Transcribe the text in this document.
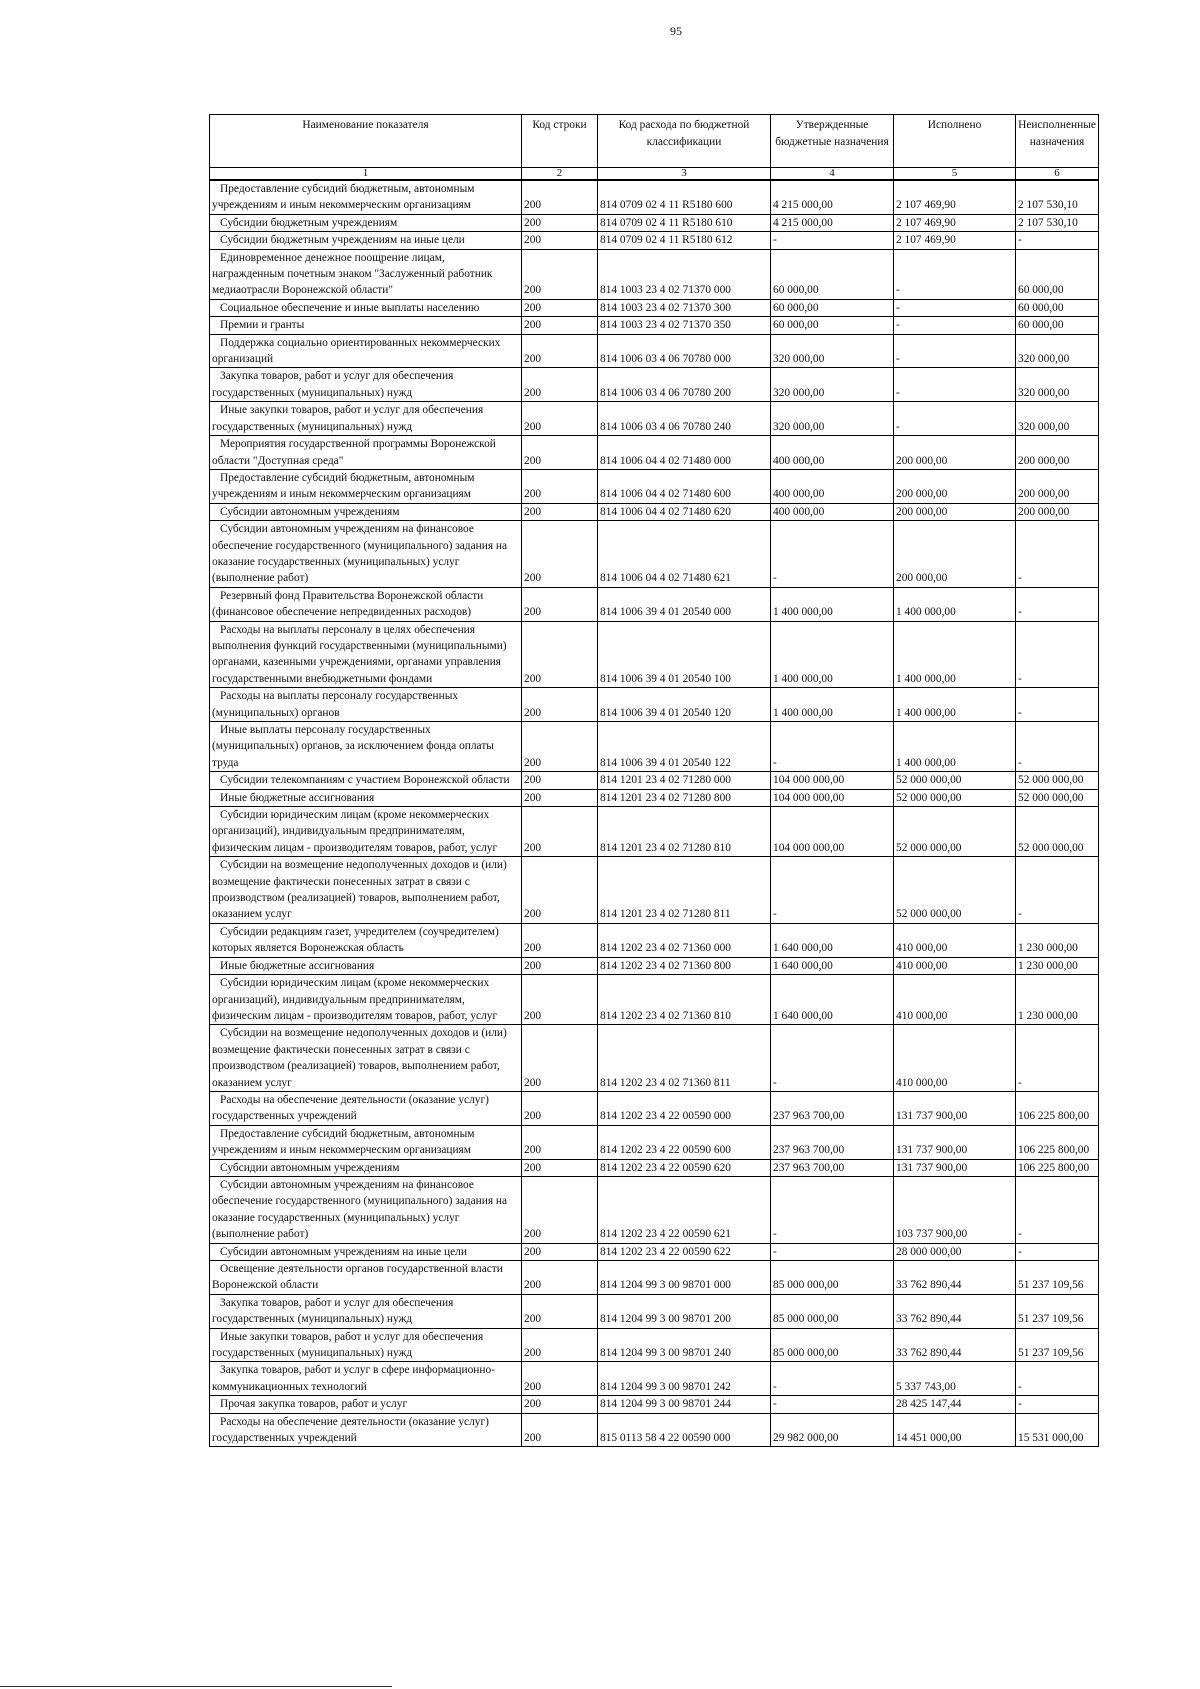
95
Наименование показателя	Код строки	Код расхода по бюджетной классификации	Утвержденные бюджетные назначения	Исполнено	Неисполненные назначения
1	2	3	4	5	6
Предоставление субсидий бюджетным, автономным учреждениям и иным некоммерческим организациям	200	814 0709 02 4 11 R5180 600	4 215 000,00	2 107 469,90	2 107 530,10
Субсидии бюджетным учреждениям	200	814 0709 02 4 11 R5180 610	4 215 000,00	2 107 469,90	2 107 530,10
Субсидии бюджетным учреждениям на иные цели	200	814 0709 02 4 11 R5180 612	-	2 107 469,90	-
Единовременное денежное поощрение лицам, награжденным почетным знаком "Заслуженный работник медиаотрасли Воронежской области"	200	814 1003 23 4 02 71370 000	60 000,00	-	60 000,00
Социальное обеспечение и иные выплаты населению	200	814 1003 23 4 02 71370 300	60 000,00	-	60 000,00
Премии и гранты	200	814 1003 23 4 02 71370 350	60 000,00	-	60 000,00
Поддержка социально ориентированных некоммерческих организаций	200	814 1006 03 4 06 70780 000	320 000,00	-	320 000,00
Закупка товаров, работ и услуг для обеспечения государственных (муниципальных) нужд	200	814 1006 03 4 06 70780 200	320 000,00	-	320 000,00
Иные закупки товаров, работ и услуг для обеспечения государственных (муниципальных) нужд	200	814 1006 03 4 06 70780 240	320 000,00	-	320 000,00
Мероприятия государственной программы Воронежской области "Доступная среда"	200	814 1006 04 4 02 71480 000	400 000,00	200 000,00	200 000,00
Предоставление субсидий бюджетным, автономным учреждениям и иным некоммерческим организациям	200	814 1006 04 4 02 71480 600	400 000,00	200 000,00	200 000,00
Субсидии автономным учреждениям	200	814 1006 04 4 02 71480 620	400 000,00	200 000,00	200 000,00
Субсидии автономным учреждениям на финансовое обеспечение государственного (муниципального) задания на оказание государственных (муниципальных) услуг (выполнение работ)	200	814 1006 04 4 02 71480 621	-	200 000,00	-
Резервный фонд Правительства Воронежской области (финансовое обеспечение непредвиденных расходов)	200	814 1006 39 4 01 20540 000	1 400 000,00	1 400 000,00	-
Расходы на выплаты персоналу в целях обеспечения выполнения функций государственными (муниципальными) органами, казенными учреждениями, органами управления государственными внебюджетными фондами	200	814 1006 39 4 01 20540 100	1 400 000,00	1 400 000,00	-
Расходы на выплаты персоналу государственных (муниципальных) органов	200	814 1006 39 4 01 20540 120	1 400 000,00	1 400 000,00	-
Иные выплаты персоналу государственных (муниципальных) органов, за исключением фонда оплаты труда	200	814 1006 39 4 01 20540 122	-	1 400 000,00	-
Субсидии телекомпаниям с участием Воронежской области	200	814 1201 23 4 02 71280 000	104 000 000,00	52 000 000,00	52 000 000,00
Иные бюджетные ассигнования	200	814 1201 23 4 02 71280 800	104 000 000,00	52 000 000,00	52 000 000,00
Субсидии юридическим лицам (кроме некоммерческих организаций), индивидуальным предпринимателям, физическим лицам - производителям товаров, работ, услуг	200	814 1201 23 4 02 71280 810	104 000 000,00	52 000 000,00	52 000 000,00
Субсидии на возмещение недополученных доходов и (или) возмещение фактически понесенных затрат в связи с производством (реализацией) товаров, выполнением работ, оказанием услуг	200	814 1201 23 4 02 71280 811	-	52 000 000,00	-
Субсидии редакциям газет, учредителем (соучредителем) которых является Воронежская область	200	814 1202 23 4 02 71360 000	1 640 000,00	410 000,00	1 230 000,00
Иные бюджетные ассигнования	200	814 1202 23 4 02 71360 800	1 640 000,00	410 000,00	1 230 000,00
Субсидии юридическим лицам (кроме некоммерческих организаций), индивидуальным предпринимателям, физическим лицам - производителям товаров, работ, услуг	200	814 1202 23 4 02 71360 810	1 640 000,00	410 000,00	1 230 000,00
Субсидии на возмещение недополученных доходов и (или) возмещение фактически понесенных затрат в связи с производством (реализацией) товаров, выполнением работ, оказанием услуг	200	814 1202 23 4 02 71360 811	-	410 000,00	-
Расходы на обеспечение деятельности (оказание услуг) государственных учреждений	200	814 1202 23 4 22 00590 000	237 963 700,00	131 737 900,00	106 225 800,00
Предоставление субсидий бюджетным, автономным учреждениям и иным некоммерческим организациям	200	814 1202 23 4 22 00590 600	237 963 700,00	131 737 900,00	106 225 800,00
Субсидии автономным учреждениям	200	814 1202 23 4 22 00590 620	237 963 700,00	131 737 900,00	106 225 800,00
Субсидии автономным учреждениям на финансовое обеспечение государственного (муниципального) задания на оказание государственных (муниципальных) услуг (выполнение работ)	200	814 1202 23 4 22 00590 621	-	103 737 900,00	-
Субсидии автономным учреждениям на иные цели	200	814 1202 23 4 22 00590 622	-	28 000 000,00	-
Освещение деятельности органов государственной власти Воронежской области	200	814 1204 99 3 00 98701 000	85 000 000,00	33 762 890,44	51 237 109,56
Закупка товаров, работ и услуг для обеспечения государственных (муниципальных) нужд	200	814 1204 99 3 00 98701 200	85 000 000,00	33 762 890,44	51 237 109,56
Иные закупки товаров, работ и услуг для обеспечения государственных (муниципальных) нужд	200	814 1204 99 3 00 98701 240	85 000 000,00	33 762 890,44	51 237 109,56
Закупка товаров, работ и услуг в сфере информационно-коммуникационных технологий	200	814 1204 99 3 00 98701 242	-	5 337 743,00	-
Прочая закупка товаров, работ и услуг	200	814 1204 99 3 00 98701 244	-	28 425 147,44	-
Расходы на обеспечение деятельности (оказание услуг) государственных учреждений	200	815 0113 58 4 22 00590 000	29 982 000,00	14 451 000,00	15 531 000,00
